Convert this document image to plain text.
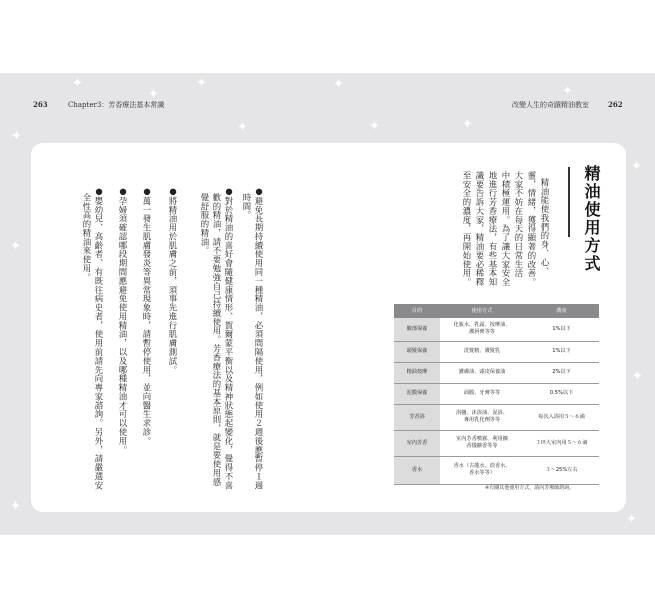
✦
✦
✦
✦
✦
✦	✦
✦
✦
✦
✦
✦
✦
✦
263	Chapter3：芳香療法基本常識	改變人生的奇蹟精油教室	262
●避免長期持續使用同一種精油，必須間隔使用，例如使用２週後應暫停１週
時間。
●對於精油的喜好會隨健康情形、賀爾蒙平衡以及精神狀態起變化，覺得不喜
歡的精油，請不要勉強自己持續使用。芳香療法的基本原則，就是要使用感
覺舒服的精油。
●將精油用於肌膚之前，須事先進行肌膚測試。
●萬一發生肌膚發炎等異常現象時，請暫停使用，並向醫生求診。
●孕婦須確認哪段期間應避免使用精油，以及哪種精油才可以使用。
●嬰幼兒、高齡者、有既往病史者，使用前請先向專家諮詢。另外，請嚴選安
全性高的精油來使用。	精油使用方式
精油能使我們的身、心、
靈，情緒，獲得顯著的改善。
大家不妨在每天的日常生活
中積極運用。為了讓大家安全
地進行芳香療法，有些基本知
識要告訴大家，精油要必稀釋
至安全的濃度，再開始使用。
目的	使用方式	濃度
臉部保養	化妝水、乳霜、按摩油、
護唇膏等等	1%以下
頭髮保養	洗髮精、護髮乳	1%以下
精油按摩	護膚油、頭皮保養油	2%以下
泥膜保養	面膜、牙膏等等	0.5%以下
芳香浴	浴鹽、沐浴油、泥浴、
專用乳化劑等等	每次入浴用５～６滴
室內芳香	室內芳香噴霧、利用擴
香儀擴香等等	３坪大室內用５～６滴
香水	香水（古龍水、淡香水、
香水等等）	３～25%左右
※有關其他使用方式，請向芳療師諮詢。
